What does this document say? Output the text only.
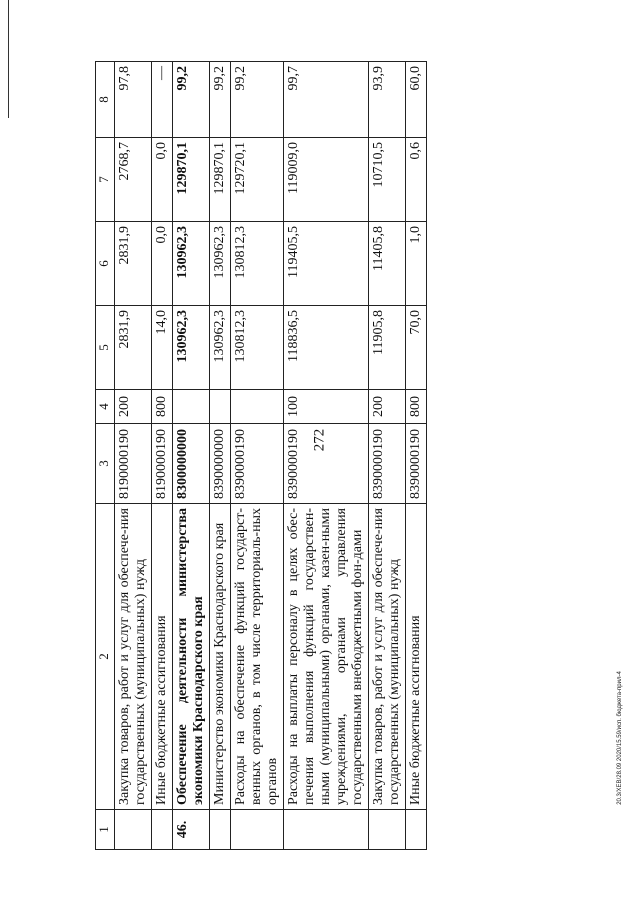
272
20.3/XEB/28.09 2020/15.59/исп. бюджета-прил-4
1	2	3	4	5	6	7	8
	Закупка товаров, работ и услуг для обеспече-ния государственных (муниципальных) нужд	8190000190	200	2831,9	2831,9	2768,7	97,8
	Иные бюджетные ассигнования	8190000190	800	14,0	0,0	0,0	—
46.	Обеспечение деятельности министерства экономики Краснодарского края	8300000000		130962,3	130962,3	129870,1	99,2
	Министерство экономики Краснодарского края	8390000000		130962,3	130962,3	129870,1	99,2
	Расходы на обеспечение функций государст-венных органов, в том числе территориаль-ных органов	8390000190		130812,3	130812,3	129720,1	99,2
	Расходы на выплаты персоналу в целях обес-печения выполнения функций государствен-ными (муниципальными) органами, казен-ными учреждениями, органами управления государственными внебюджетными фон-дами	8390000190	100	118836,5	119405,5	119009,0	99,7
	Закупка товаров, работ и услуг для обеспече-ния государственных (муниципальных) нужд	8390000190	200	11905,8	11405,8	10710,5	93,9
	Иные бюджетные ассигнования	8390000190	800	70,0	1,0	0,6	60,0
